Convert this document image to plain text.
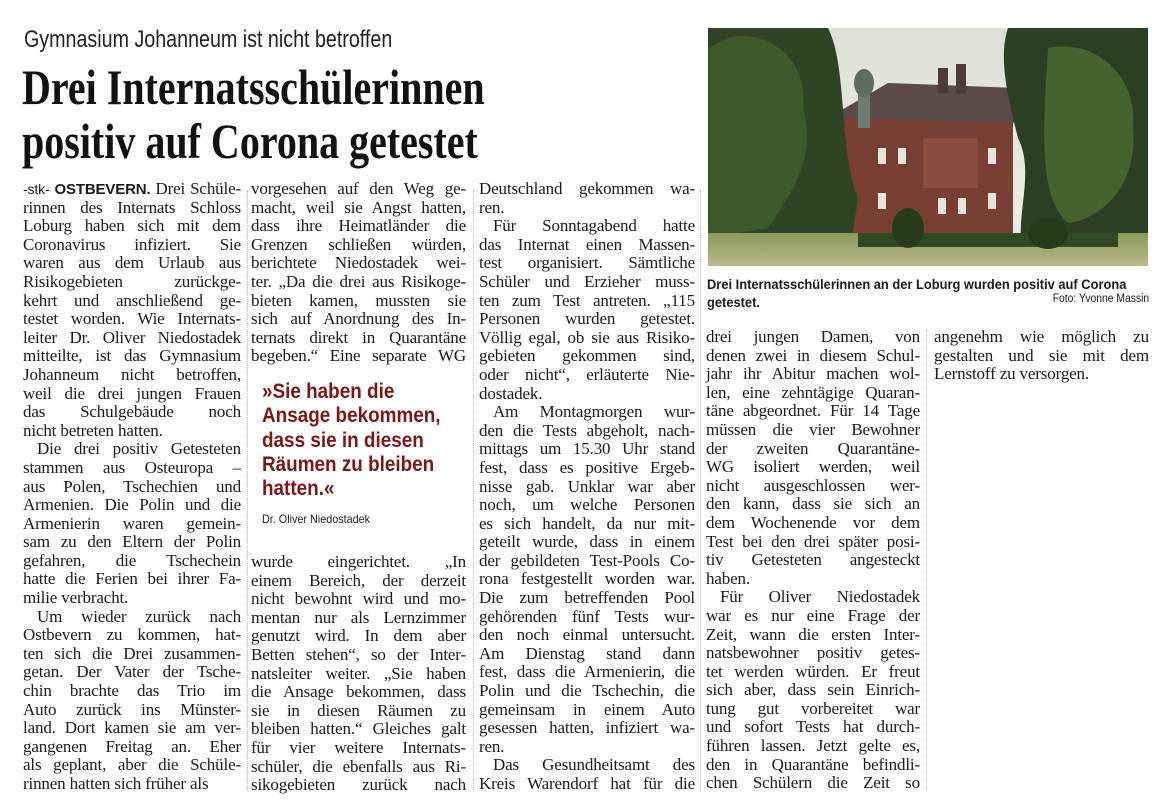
Gymnasium Johanneum ist nicht betroffen
Drei Internatsschülerinnen
positiv auf Corona getestet
-stk- OSTBEVERN. Drei Schüle-
rinnen des Internats Schloss
Loburg haben sich mit dem
Coronavirus infiziert. Sie
waren aus dem Urlaub aus
Risikogebieten zurückge-
kehrt und anschließend ge-
testet worden. Wie Internats-
leiter Dr. Oliver Niedostadek
mitteilte, ist das Gymnasium
Johanneum nicht betroffen,
weil die drei jungen Frauen
das Schulgebäude noch
nicht betreten hatten.
Die drei positiv Getesteten
stammen aus Osteuropa –
aus Polen, Tschechien und
Armenien. Die Polin und die
Armenierin waren gemein-
sam zu den Eltern der Polin
gefahren, die Tschechein
hatte die Ferien bei ihrer Fa-
milie verbracht.
Um wieder zurück nach
Ostbevern zu kommen, hat-
ten sich die Drei zusammen-
getan. Der Vater der Tsche-
chin brachte das Trio im
Auto zurück ins Münster-
land. Dort kamen sie am ver-
gangenen Freitag an. Eher
als geplant, aber die Schüle-
rinnen hatten sich früher als
vorgesehen auf den Weg ge-
macht, weil sie Angst hatten,
dass ihre Heimatländer die
Grenzen schließen würden,
berichtete Niedostadek wei-
ter. „Da die drei aus Risikoge-
bieten kamen, mussten sie
sich auf Anordnung des In-
ternats direkt in Quarantäne
begeben.“ Eine separate WG
wurde eingerichtet. „In
einem Bereich, der derzeit
nicht bewohnt wird und mo-
mentan nur als Lernzimmer
genutzt wird. In dem aber
Betten stehen“, so der Inter-
natsleiter weiter. „Sie haben
die Ansage bekommen, dass
sie in diesen Räumen zu
bleiben hatten.“ Gleiches galt
für vier weitere Internats-
schüler, die ebenfalls aus Ri-
sikogebieten zurück nach
Deutschland gekommen wa-
ren.
Für Sonntagabend hatte
das Internat einen Massen-
test organisiert. Sämtliche
Schüler und Erzieher muss-
ten zum Test antreten. „115
Personen wurden getestet.
Völlig egal, ob sie aus Risiko-
gebieten gekommen sind,
oder nicht“, erläuterte Nie-
dostadek.
Am Montagmorgen wur-
den die Tests abgeholt, nach-
mittags um 15.30 Uhr stand
fest, dass es positive Ergeb-
nisse gab. Unklar war aber
noch, um welche Personen
es sich handelt, da nur mit-
geteilt wurde, dass in einem
der gebildeten Test-Pools Co-
rona festgestellt worden war.
Die zum betreffenden Pool
gehörenden fünf Tests wur-
den noch einmal untersucht.
Am Dienstag stand dann
fest, dass die Armenierin, die
Polin und die Tschechin, die
gemeinsam in einem Auto
gesessen hatten, infiziert wa-
ren.
Das Gesundheitsamt des
Kreis Warendorf hat für die
drei jungen Damen, von
denen zwei in diesem Schul-
jahr ihr Abitur machen wol-
len, eine zehntägige Quaran-
täne abgeordnet. Für 14 Tage
müssen die vier Bewohner
der zweiten Quarantäne-
WG isoliert werden, weil
nicht ausgeschlossen wer-
den kann, dass sie sich an
dem Wochenende vor dem
Test bei den drei später posi-
tiv Getesteten angesteckt
haben.
Für Oliver Niedostadek
war es nur eine Frage der
Zeit, wann die ersten Inter-
natsbewohner positiv getes-
tet werden würden. Er freut
sich aber, dass sein Einrich-
tung gut vorbereitet war
und sofort Tests hat durch-
führen lassen. Jetzt gelte es,
den in Quarantäne befindli-
chen Schülern die Zeit so
angenehm wie möglich zu
gestalten und sie mit dem
Lernstoff zu versorgen.
»Sie haben die
Ansage bekommen,
dass sie in diesen
Räumen zu bleiben
hatten.«
Dr. Oliver Niedostadek
Drei Internatsschülerinnen an der Loburg wurden positiv auf Corona getestet.	Foto: Yvonne Massin
